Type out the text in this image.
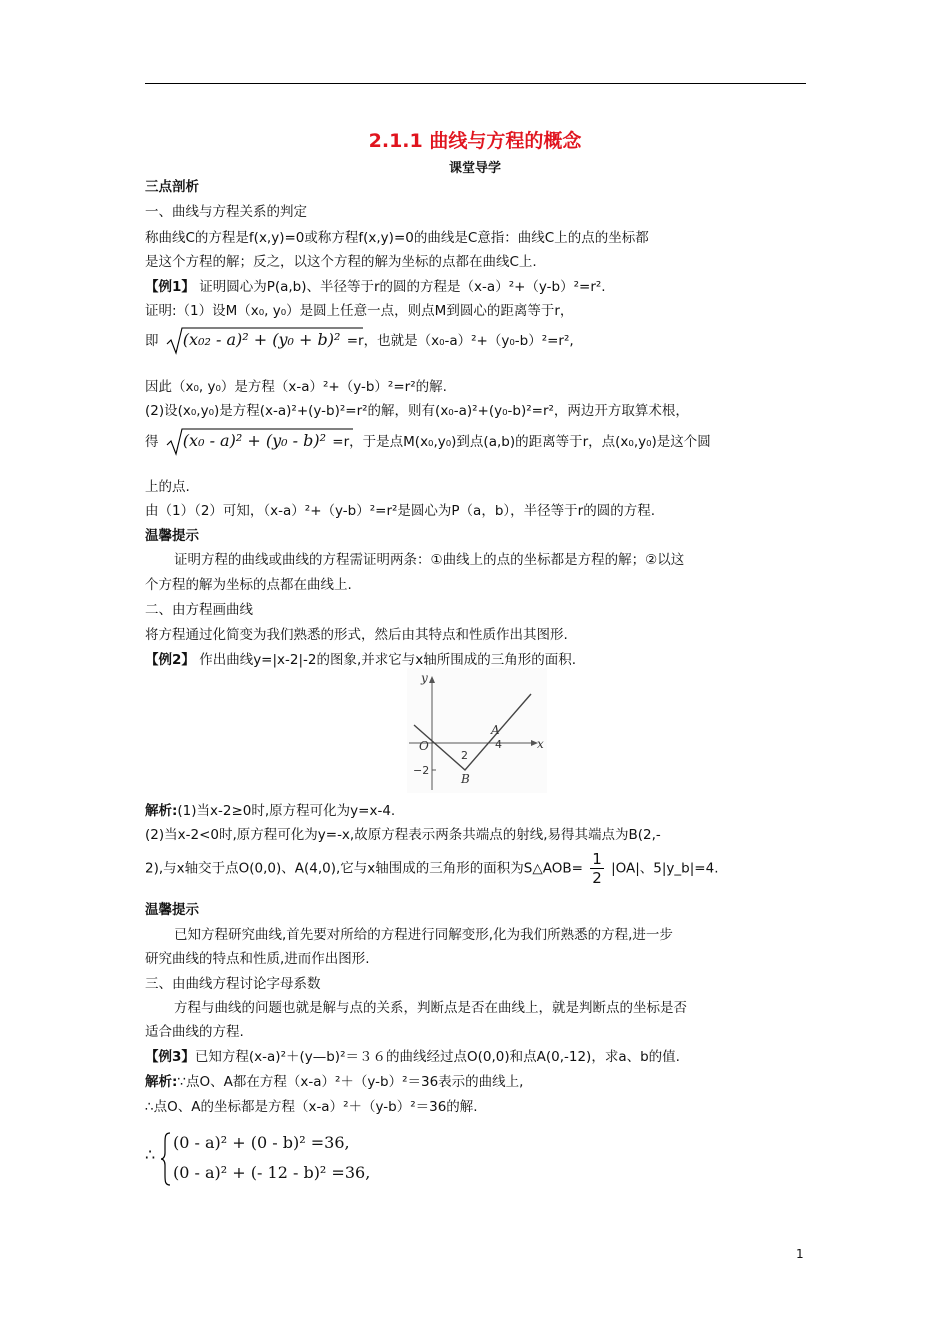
2.1.1 曲线与方程的概念
课堂导学
三点剖析
一、曲线与方程关系的判定
称曲线C的方程是f(x,y)=0或称方程f(x,y)=0的曲线是C意指：曲线C上的点的坐标都
是这个方程的解；反之，以这个方程的解为坐标的点都在曲线C上.
【例1】 证明圆心为P(a,b)、半径等于r的圆的方程是（x-a）²+（y-b）²=r².
证明:（1）设M（x₀, y₀）是圆上任意一点，则点M到圆心的距离等于r，
即 (x₀₂ - a)² + (y₀ + b)² =r，也就是（x₀-a）²+（y₀-b）²=r²,
因此（x₀, y₀）是方程（x-a）²+（y-b）²=r²的解.
(2)设(x₀,y₀)是方程(x-a)²+(y-b)²=r²的解，则有(x₀-a)²+(y₀-b)²=r²，两边开方取算术根，
得 (x₀ - a)² + (y₀ - b)² =r，于是点M(x₀,y₀)到点(a,b)的距离等于r，点(x₀,y₀)是这个圆
上的点.
由（1）（2）可知，（x-a）²+（y-b）²=r²是圆心为P（a，b），半径等于r的圆的方程.
温馨提示
证明方程的曲线或曲线的方程需证明两条：①曲线上的点的坐标都是方程的解；②以这
个方程的解为坐标的点都在曲线上.
二、由方程画曲线
将方程通过化简变为我们熟悉的形式，然后由其特点和性质作出其图形.
【例2】 作出曲线y=|x-2|-2的图象,并求它与x轴所围成的三角形的面积.
x
y
O
2
4
−2
A
B
解析:(1)当x-2≥0时,原方程可化为y=x-4.
(2)当x-2<0时,原方程可化为y=-x,故原方程表示两条共端点的射线,易得其端点为B(2,-
2),与x轴交于点O(0,0)、A(4,0),它与x轴围成的三角形的面积为S△AOB= $\frac{1}{2} |OA|$、5|y_b|=4.
温馨提示
已知方程研究曲线,首先要对所给的方程进行同解变形,化为我们所熟悉的方程,进一步
研究曲线的特点和性质,进而作出图形.
三、由曲线方程讨论字母系数
方程与曲线的问题也就是解与点的关系，判断点是否在曲线上，就是判断点的坐标是否
适合曲线的方程.
【例3】已知方程(x-a)²＋(y—b)²＝３６的曲线经过点O(0,0)和点A(0,-12)，求a、b的值.
解析:∵点O、A都在方程（x-a）²＋（y-b）²＝36表示的曲线上,
∴点O、A的坐标都是方程（x-a）²＋（y-b）²＝36的解.
∴
(0 - a)² + (0 - b)² =36,
(0 - a)² + (- 12 - b)² =36,
1
